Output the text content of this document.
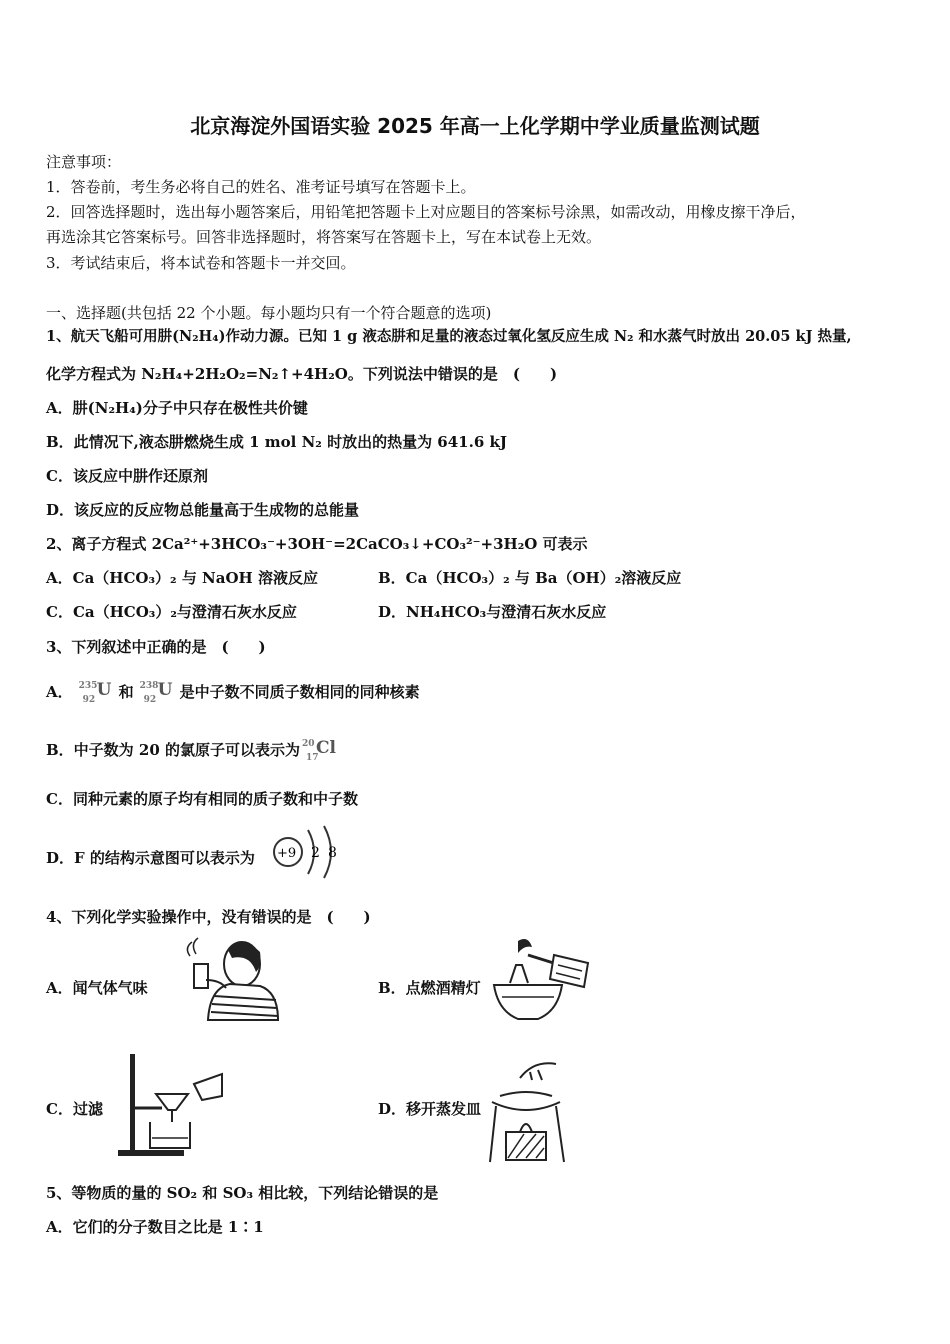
北京海淀外国语实验 2025 年高一上化学期中学业质量监测试题
注意事项：
1．答卷前，考生务必将自己的姓名、准考证号填写在答题卡上。
2．回答选择题时，选出每小题答案后，用铅笔把答题卡上对应题目的答案标号涂黑，如需改动，用橡皮擦干净后，
再选涂其它答案标号。回答非选择题时，将答案写在答题卡上，写在本试卷上无效。
3．考试结束后，将本试卷和答题卡一并交回。
一、选择题(共包括 22 个小题。每小题均只有一个符合题意的选项)
1、航天飞船可用肼(N₂H₄)作动力源。已知 1 g 液态肼和足量的液态过氧化氢反应生成 N₂ 和水蒸气时放出 20.05 kJ 热量,
化学方程式为 N₂H₄+2H₂O₂=N₂↑+4H₂O。下列说法中错误的是　(　　)
A．肼(N₂H₄)分子中只存在极性共价键
B．此情况下,液态肼燃烧生成 1 mol N₂ 时放出的热量为 641.6 kJ
C．该反应中肼作还原剂
D．该反应的反应物总能量高于生成物的总能量
2、离子方程式 2Ca²⁺+3HCO₃⁻+3OH⁻=2CaCO₃↓+CO₃²⁻+3H₂O 可表示
A．Ca（HCO₃）₂ 与 NaOH 溶液反应	B．Ca（HCO₃）₂ 与 Ba（OH）₂溶液反应
C．Ca（HCO₃）₂与澄清石灰水反应	D．NH₄HCO₃与澄清石灰水反应
3、下列叙述中正确的是　(　　)
A． 235
92 U 和 238
92 U 是中子数不同质子数相同的同种核素
B．中子数为 20 的氯原子可以表示为 20
17
Cl
C．同种元素的原子均有相同的质子数和中子数
D．F 的结构示意图可以表示为 +9 2 8
4、下列化学实验操作中，没有错误的是　(　　)
A．闻气体气味	B．点燃酒精灯
C．过滤	D．移开蒸发皿
5、等物质的量的 SO₂ 和 SO₃ 相比较，下列结论错误的是
A．它们的分子数目之比是 1∶1
